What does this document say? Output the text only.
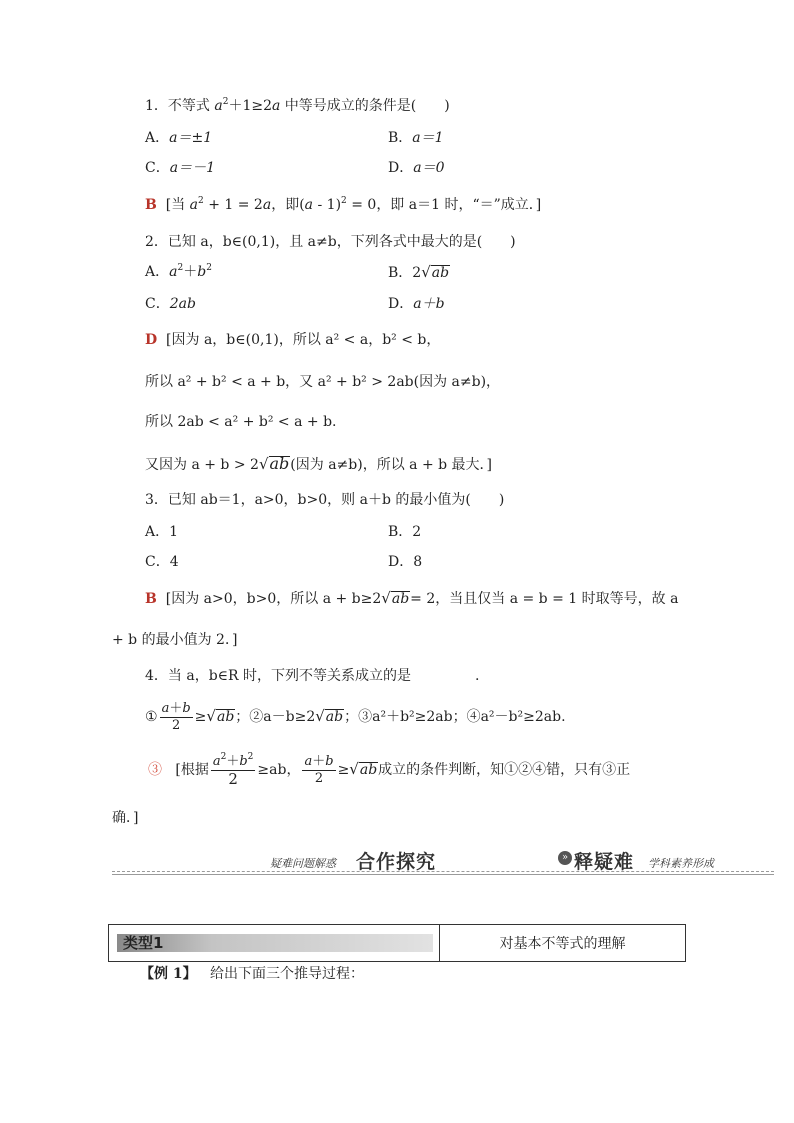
1．不等式 $a^2+1\ge 2a$ 中等号成立的条件是(　　)
A．a＝±1	B．a＝1
C．a＝－1	D．a＝0
B [当 $a^2 + 1 = 2a$，即(a - 1)$^2$ = 0，即 a＝1 时，“＝”成立．]
2．已知 a，b∈(0,1)，且 a≠b，下列各式中最大的是(　　)
A．$a^2+b^2$	B．2√ab
C．2ab	D．a＋b
D [因为 a，b∈(0,1)，所以 a² < a，b² < b，
所以 a² + b² < a + b，又 a² + b² > 2ab(因为 a≠b)，
所以 2ab < a² + b² < a + b.
又因为 a + b > 2√ab(因为 a≠b)，所以 a + b 最大．]
3．已知 ab＝1，a>0，b>0，则 a＋b 的最小值为(　　)
A．1	B．2
C．4	D．8
B [因为 a>0，b>0，所以 a + b≥2√ab= 2，当且仅当 a = b = 1 时取等号，故 a
+ b 的最小值为 2．]
4．当 a，b∈R 时，下列不等关系成立的是	.
① $\frac{a+b}{2} \ge√ab$；②a－b≥2√ab；③a²＋b²≥2ab；④a²－b²≥2ab.
③ [根据 $\frac{a^2+b^2}{2} \ge ab$， $\frac{a+b}{2} \ge√ab$成立的条件判断，知①②④错，只有③正
确．]
疑难问题解惑 合作探究	» 释疑难 学科素养形成
类型1	对基本不等式的理解
【例 1】 给出下面三个推导过程：
